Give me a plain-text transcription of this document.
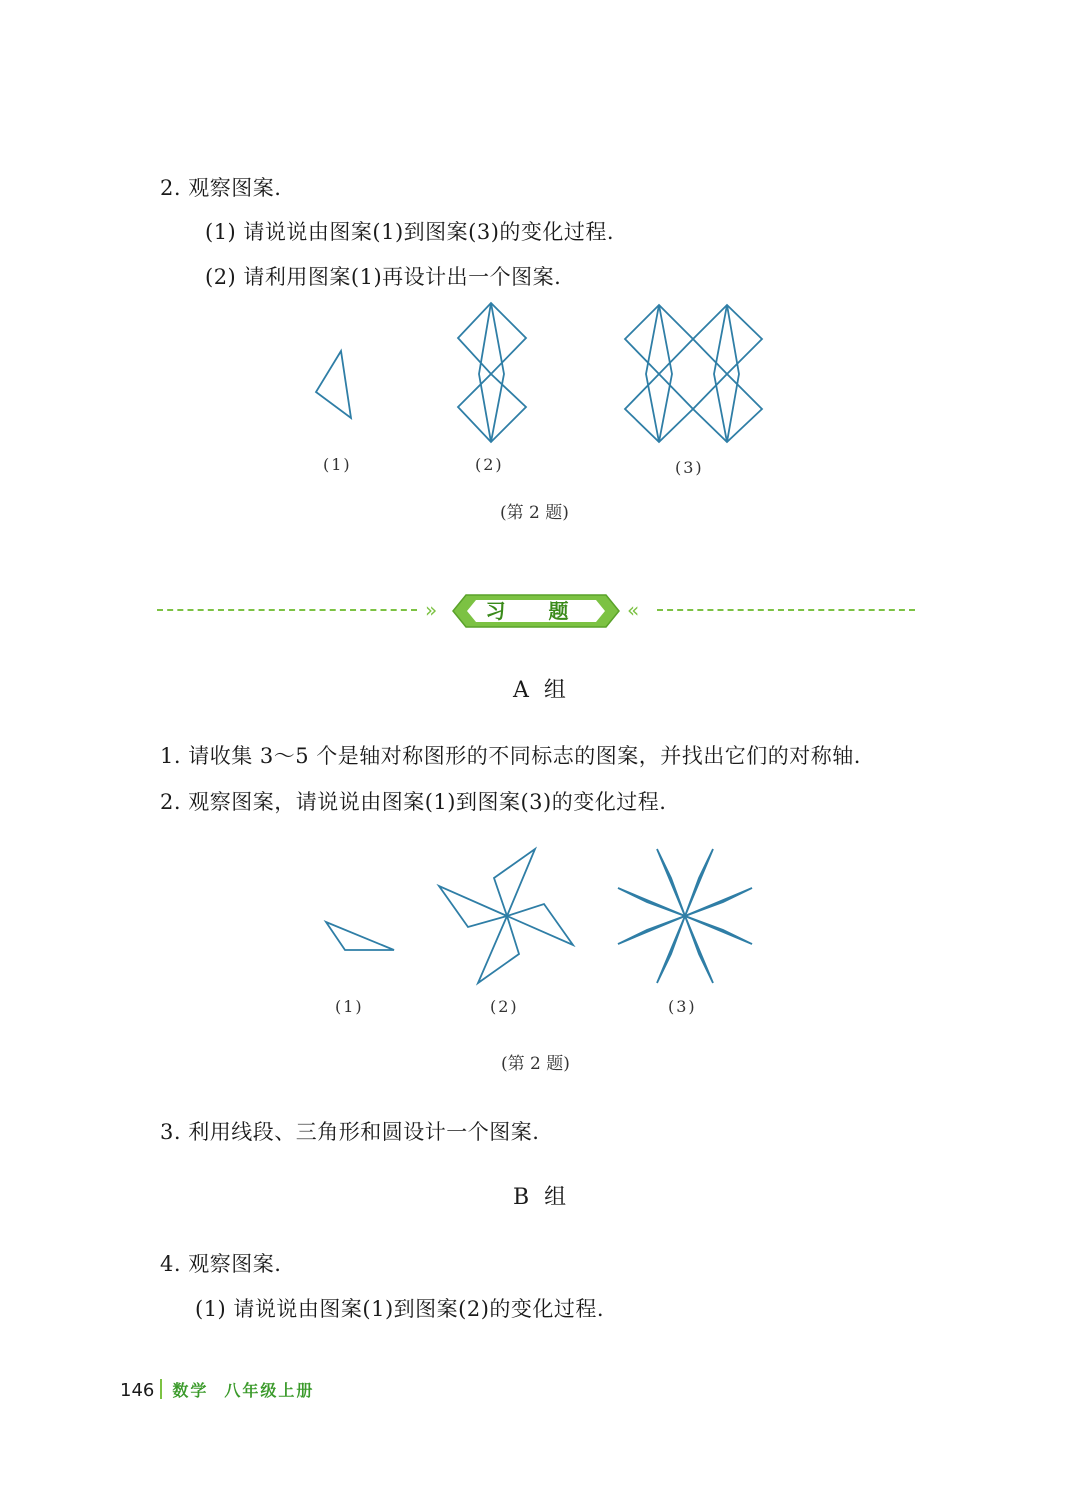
2. 观察图案.
(1) 请说说由图案(1)到图案(3)的变化过程.
(2) 请利用图案(1)再设计出一个图案.
(1)	(2)	(3)
(第 2 题)
»	习 题	«
A 组
1. 请收集 3～5 个是轴对称图形的不同标志的图案，并找出它们的对称轴.
2. 观察图案，请说说由图案(1)到图案(3)的变化过程.
(1)	(2)	(3)
(第 2 题)
3. 利用线段、三角形和圆设计一个图案.
B 组
4. 观察图案.
(1) 请说说由图案(1)到图案(2)的变化过程.
146 数学 八年级上册
